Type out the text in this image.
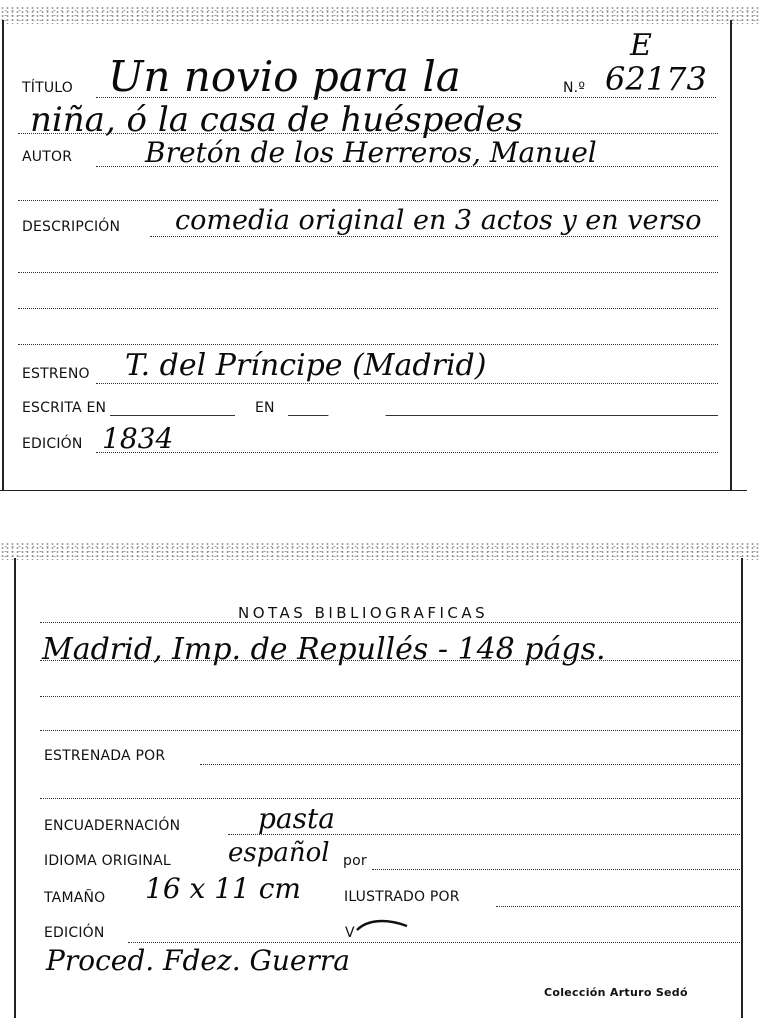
E
TÍTULO Un novio para la	N.º 62173
niña, ó la casa de huéspedes
AUTOR	Bretón de los Herreros, Manuel
DESCRIPCIÓN comedia original en 3 actos y en verso
ESTRENO T. del Príncipe (Madrid)
ESCRITA EN	EN
EDICIÓN 1834
NOTAS BIBLIOGRAFICAS
Madrid, Imp. de Repullés - 148 págs.
ESTRENADA POR
ENCUADERNACIÓN	pasta
IDIOMA ORIGINAL español por
TAMAÑO 16 x 11 cm	ILUSTRADO POR
EDICIÓN	V
Proced. Fdez. Guerra
Colección Arturo Sedó
